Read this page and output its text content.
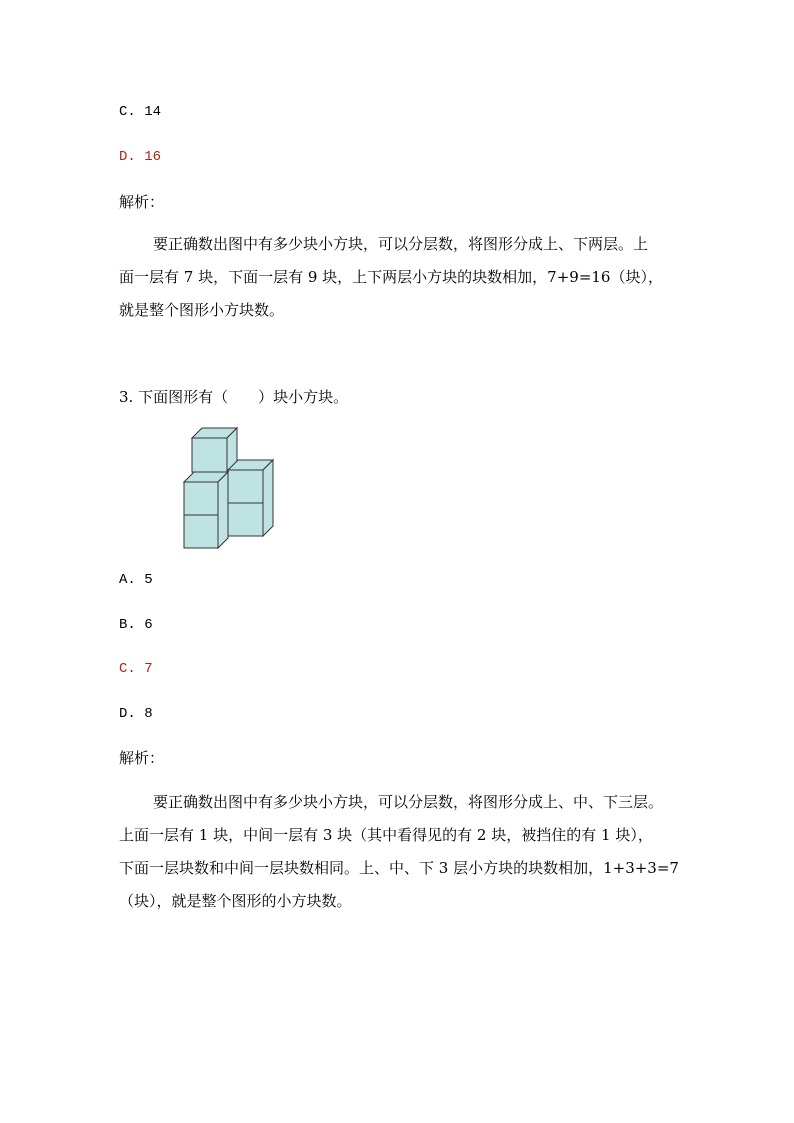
C. 14
D. 16
解析：
要正确数出图中有多少块小方块，可以分层数，将图形分成上、下两层。上
面一层有 7 块，下面一层有 9 块，上下两层小方块的块数相加，7+9=16（块），
就是整个图形小方块数。
3. 下面图形有（　　）块小方块。
A. 5
B. 6
C. 7
D. 8
解析：
要正确数出图中有多少块小方块，可以分层数，将图形分成上、中、下三层。
上面一层有 1 块，中间一层有 3 块（其中看得见的有 2 块，被挡住的有 1 块），
下面一层块数和中间一层块数相同。上、中、下 3 层小方块的块数相加，1+3+3=7
（块），就是整个图形的小方块数。
